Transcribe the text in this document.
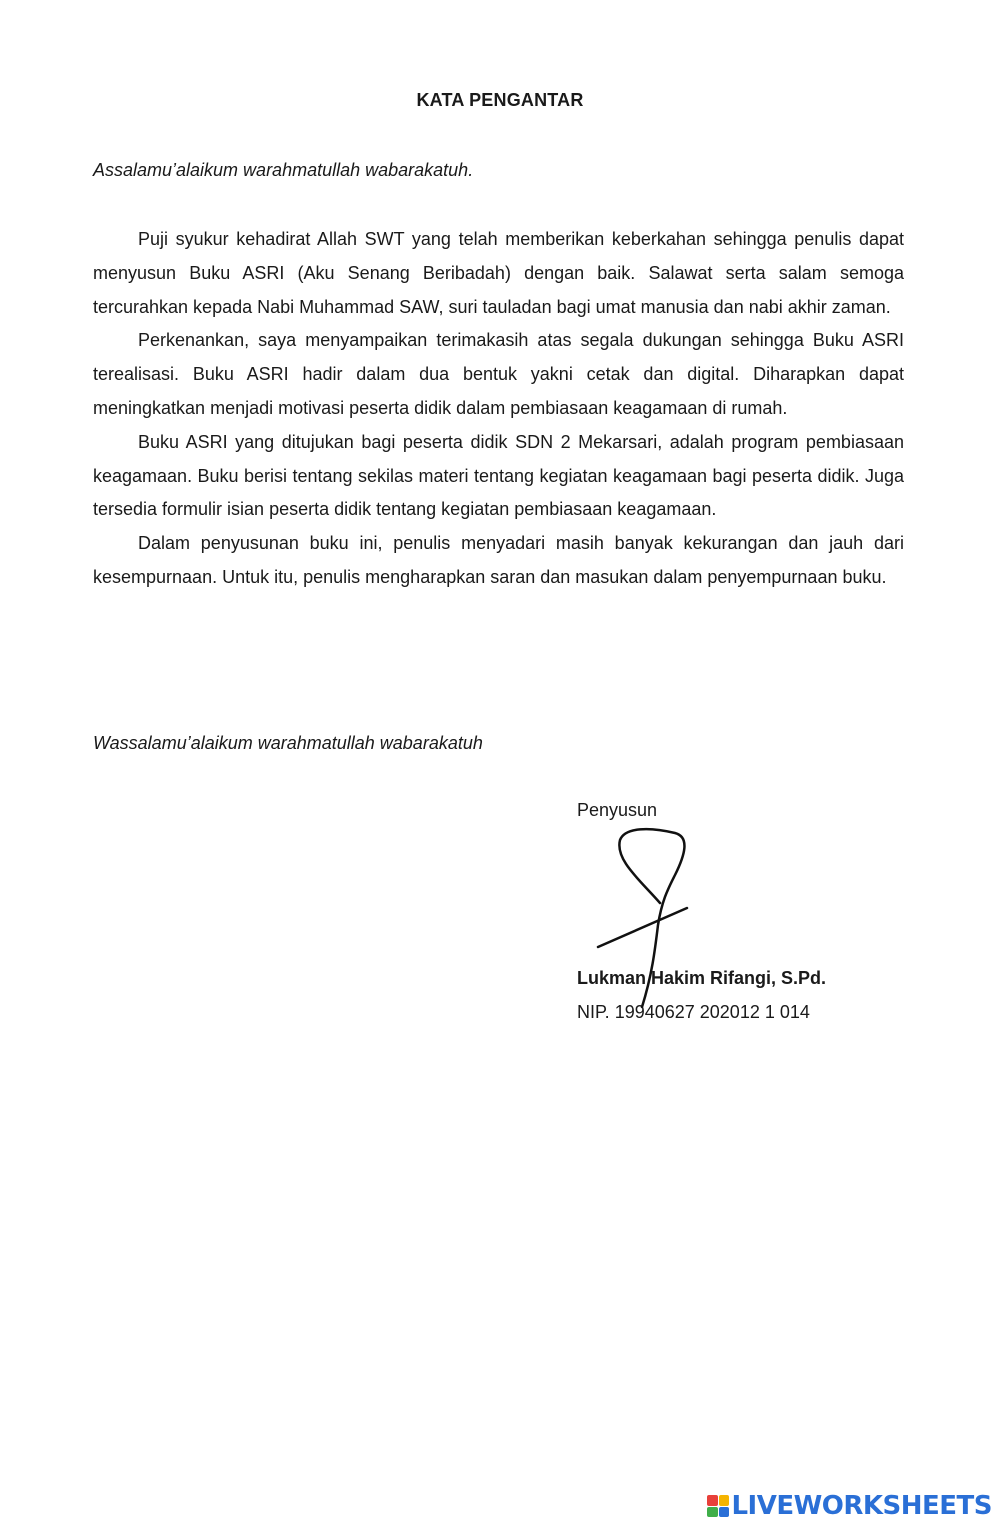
KATA PENGANTAR
Assalamu’alaikum warahmatullah wabarakatuh.

Puji syukur kehadirat Allah SWT yang telah memberikan keberkahan sehingga penulis dapat menyusun Buku ASRI (Aku Senang Beribadah) dengan baik. Salawat serta salam semoga tercurahkan kepada Nabi Muhammad SAW, suri tauladan bagi umat manusia dan nabi akhir zaman.

Perkenankan, saya menyampaikan terimakasih atas segala dukungan sehingga Buku ASRI terealisasi. Buku ASRI hadir dalam dua bentuk yakni cetak dan digital. Diharapkan dapat meningkatkan menjadi motivasi peserta didik dalam pembiasaan keagamaan di rumah.

Buku ASRI yang ditujukan bagi peserta didik SDN 2 Mekarsari, adalah program pembiasaan keagamaan. Buku berisi tentang sekilas materi tentang kegiatan keagamaan bagi peserta didik. Juga tersedia formulir isian peserta didik tentang kegiatan pembiasaan keagamaan.

Dalam penyusunan buku ini, penulis menyadari masih banyak kekurangan dan jauh dari kesempurnaan. Untuk itu, penulis mengharapkan saran dan masukan dalam penyempurnaan buku.

Wassalamu’alaikum warahmatullah wabarakatuh
Penyusun
Lukman Hakim Rifangi, S.Pd.
NIP. 19940627 202012 1 014
LIVEWORKSHEETS
